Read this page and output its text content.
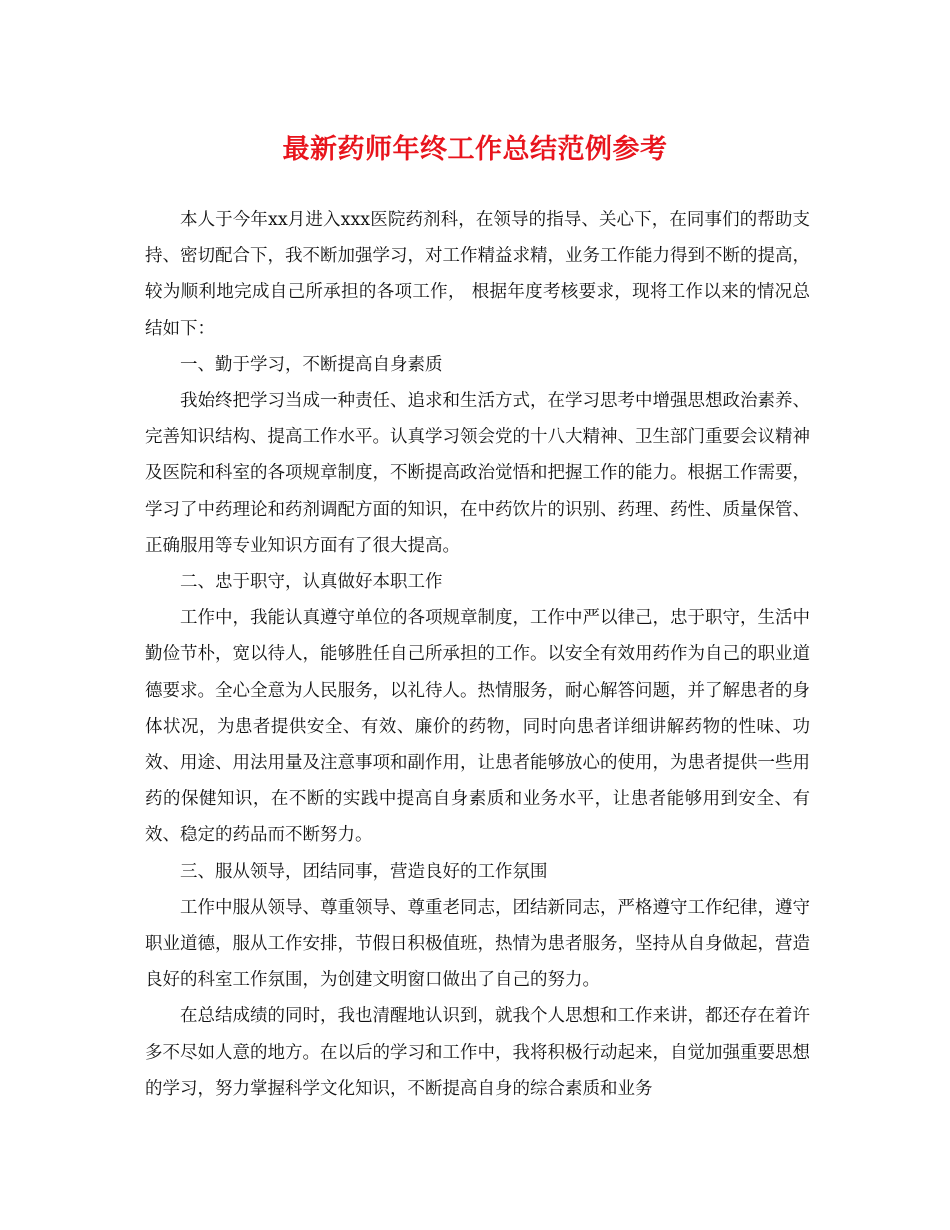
最新药师年终工作总结范例参考

本人于今年xx月进入xxx医院药剂科，在领导的指导、关心下，在同事们的帮助支持、密切配合下，我不断加强学习，对工作精益求精，业务工作能力得到不断的提高，较为顺利地完成自己所承担的各项工作， 根据年度考核要求，现将工作以来的情况总结如下：

一、勤于学习，不断提高自身素质

我始终把学习当成一种责任、追求和生活方式，在学习思考中增强思想政治素养、完善知识结构、提高工作水平。认真学习领会党的十八大精神、卫生部门重要会议精神及医院和科室的各项规章制度，不断提高政治觉悟和把握工作的能力。根据工作需要，学习了中药理论和药剂调配方面的知识，在中药饮片的识别、药理、药性、质量保管、正确服用等专业知识方面有了很大提高。

二、忠于职守，认真做好本职工作

工作中，我能认真遵守单位的各项规章制度，工作中严以律己，忠于职守，生活中勤俭节朴，宽以待人，能够胜任自己所承担的工作。以安全有效用药作为自己的职业道德要求。全心全意为人民服务，以礼待人。热情服务，耐心解答问题，并了解患者的身体状况，为患者提供安全、有效、廉价的药物，同时向患者详细讲解药物的性味、功效、用途、用法用量及注意事项和副作用，让患者能够放心的使用，为患者提供一些用药的保健知识，在不断的实践中提高自身素质和业务水平，让患者能够用到安全、有效、稳定的药品而不断努力。

三、服从领导，团结同事，营造良好的工作氛围

工作中服从领导、尊重领导、尊重老同志，团结新同志，严格遵守工作纪律，遵守职业道德，服从工作安排，节假日积极值班，热情为患者服务，坚持从自身做起，营造良好的科室工作氛围，为创建文明窗口做出了自己的努力。

在总结成绩的同时，我也清醒地认识到，就我个人思想和工作来讲，都还存在着许多不尽如人意的地方。在以后的学习和工作中，我将积极行动起来，自觉加强重要思想的学习，努力掌握科学文化知识，不断提高自身的综合素质和业务
